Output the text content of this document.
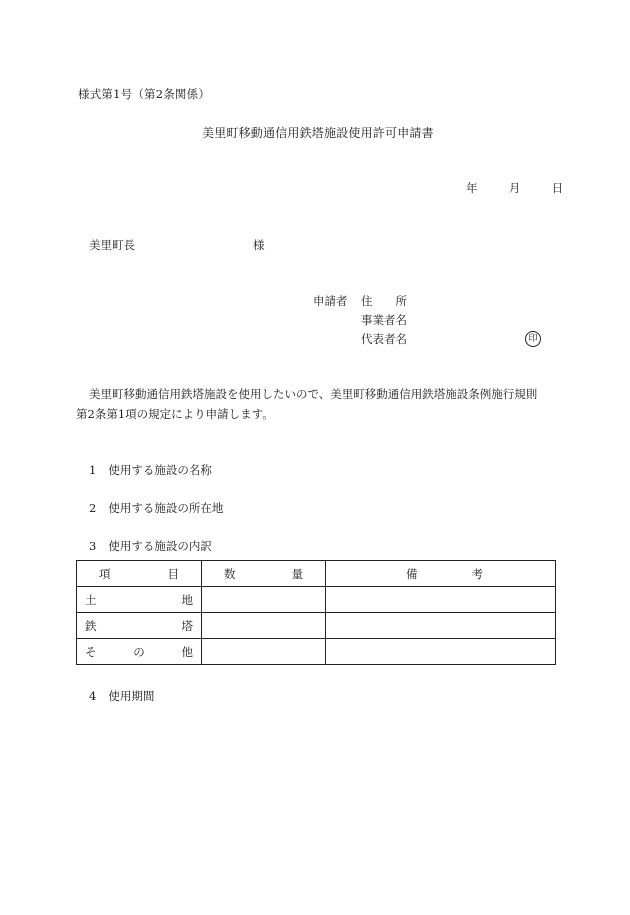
様式第1号（第2条関係）
美里町移動通信用鉄塔施設使用許可申請書
年	月	日
美里町長	様
申請者 住 所
事業者名
代表者名	印
美里町移動通信用鉄塔施設を使用したいので、美里町移動通信用鉄塔施設条例施行規則
第2条第1項の規定により申請します。
1 使用する施設の名称
2 使用する施設の所在地
3 使用する施設の内訳
項 目	数 量	備 考

土 地		

鉄 塔		

そ の 他		

4 使用期間
